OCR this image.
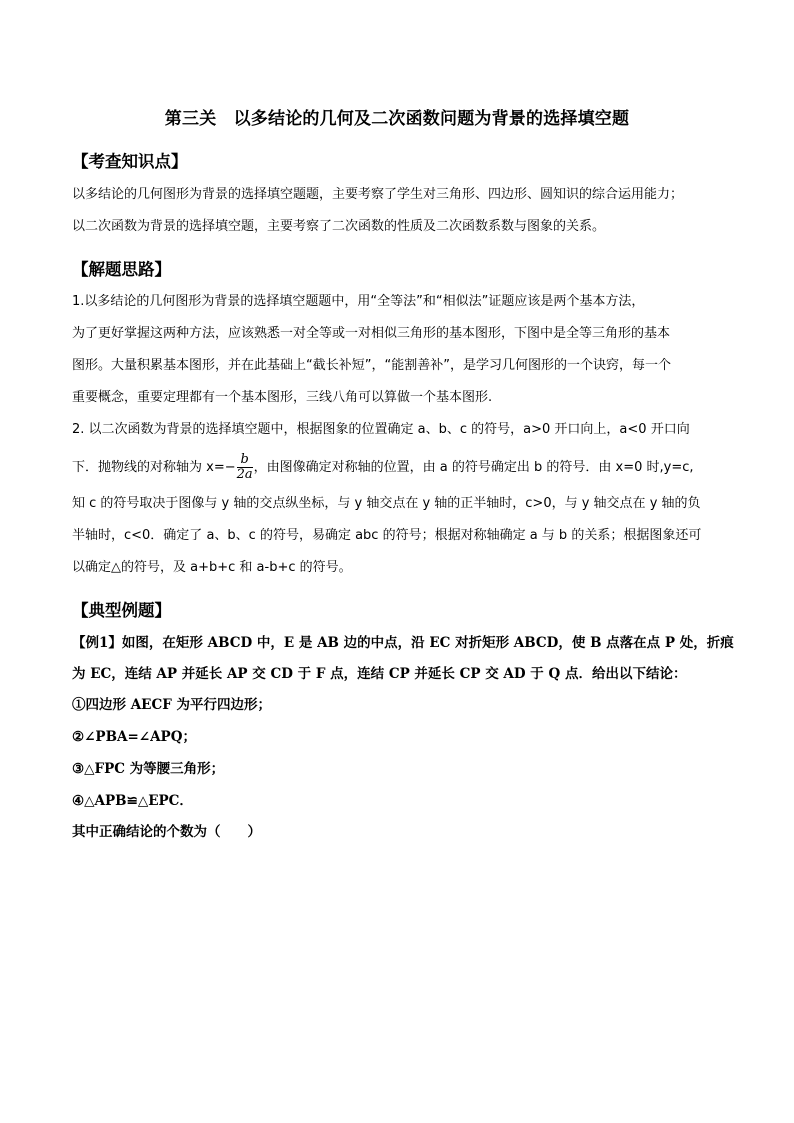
第三关　以多结论的几何及二次函数问题为背景的选择填空题
【考查知识点】
以多结论的几何图形为背景的选择填空题题，主要考察了学生对三角形、四边形、圆知识的综合运用能力；
以二次函数为背景的选择填空题，主要考察了二次函数的性质及二次函数系数与图象的关系。
【解题思路】
1.以多结论的几何图形为背景的选择填空题题中，用“全等法”和“相似法”证题应该是两个基本方法，
为了更好掌握这两种方法，应该熟悉一对全等或一对相似三角形的基本图形，下图中是全等三角形的基本
图形。大量积累基本图形，并在此基础上“截长补短”，“能割善补”，是学习几何图形的一个诀窍，每一个
重要概念，重要定理都有一个基本图形，三线八角可以算做一个基本图形.
2. 以二次函数为背景的选择填空题中，根据图象的位置确定 a、b、c 的符号，a>0 开口向上，a<0 开口向
下．抛物线的对称轴为 $x=- \frac{b}{2a}$ ，由图像确定对称轴的位置，由 a 的符号确定出 b 的符号．由 x=0 时,y=c,
知 c 的符号取决于图像与 y 轴的交点纵坐标，与 y 轴交点在 y 轴的正半轴时，c>0，与 y 轴交点在 y 轴的负
半轴时，c<0．确定了 a、b、c 的符号，易确定 abc 的符号；根据对称轴确定 a 与 b 的关系；根据图象还可
以确定△的符号，及 a+b+c 和 a-b+c 的符号。
【典型例题】
【例1】如图，在矩形 ABCD 中，E 是 AB 边的中点，沿 EC 对折矩形 ABCD，使 B 点落在点 P 处，折痕
为 EC，连结 AP 并延长 AP 交 CD 于 F 点，连结 CP 并延长 CP 交 AD 于 Q 点．给出以下结论：
①四边形 AECF 为平行四边形；
②∠PBA=∠APQ；
③△FPC 为等腰三角形；
④△APB≌△EPC．
其中正确结论的个数为（　　）
